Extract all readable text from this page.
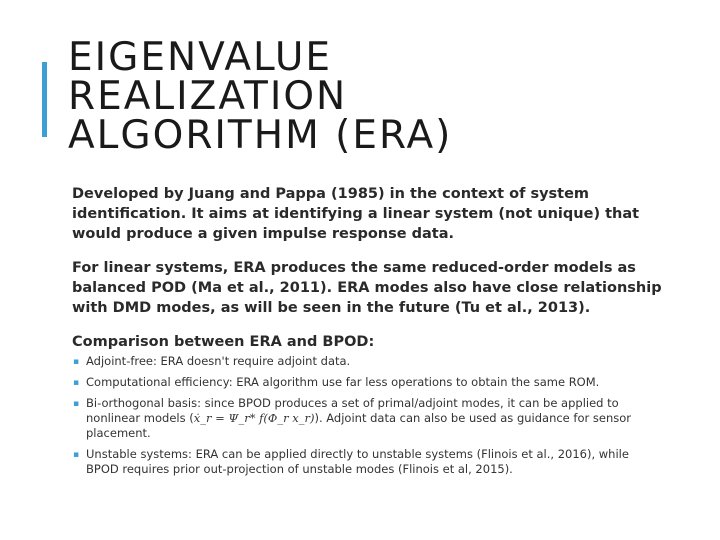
EIGENVALUE
REALIZATION
ALGORITHM (ERA)

Developed by Juang and Pappa (1985) in the context of system identification. It aims at identifying a linear system (not unique) that would produce a given impulse response data.

For linear systems, ERA produces the same reduced-order models as balanced POD (Ma et al., 2011). ERA modes also have close relationship with DMD modes, as will be seen in the future (Tu et al., 2013).

Comparison between ERA and BPOD:

▪ Adjoint-free: ERA doesn't require adjoint data.
▪ Computational efficiency: ERA algorithm use far less operations to obtain the same ROM.
▪ Bi-orthogonal basis: since BPOD produces a set of primal/adjoint modes, it can be applied to nonlinear models (ẋ_r = Ψ_r* f(Φ_r x_r)). Adjoint data can also be used as guidance for sensor placement.
▪ Unstable systems: ERA can be applied directly to unstable systems (Flinois et al., 2016), while BPOD requires prior out-projection of unstable modes (Flinois et al, 2015).
